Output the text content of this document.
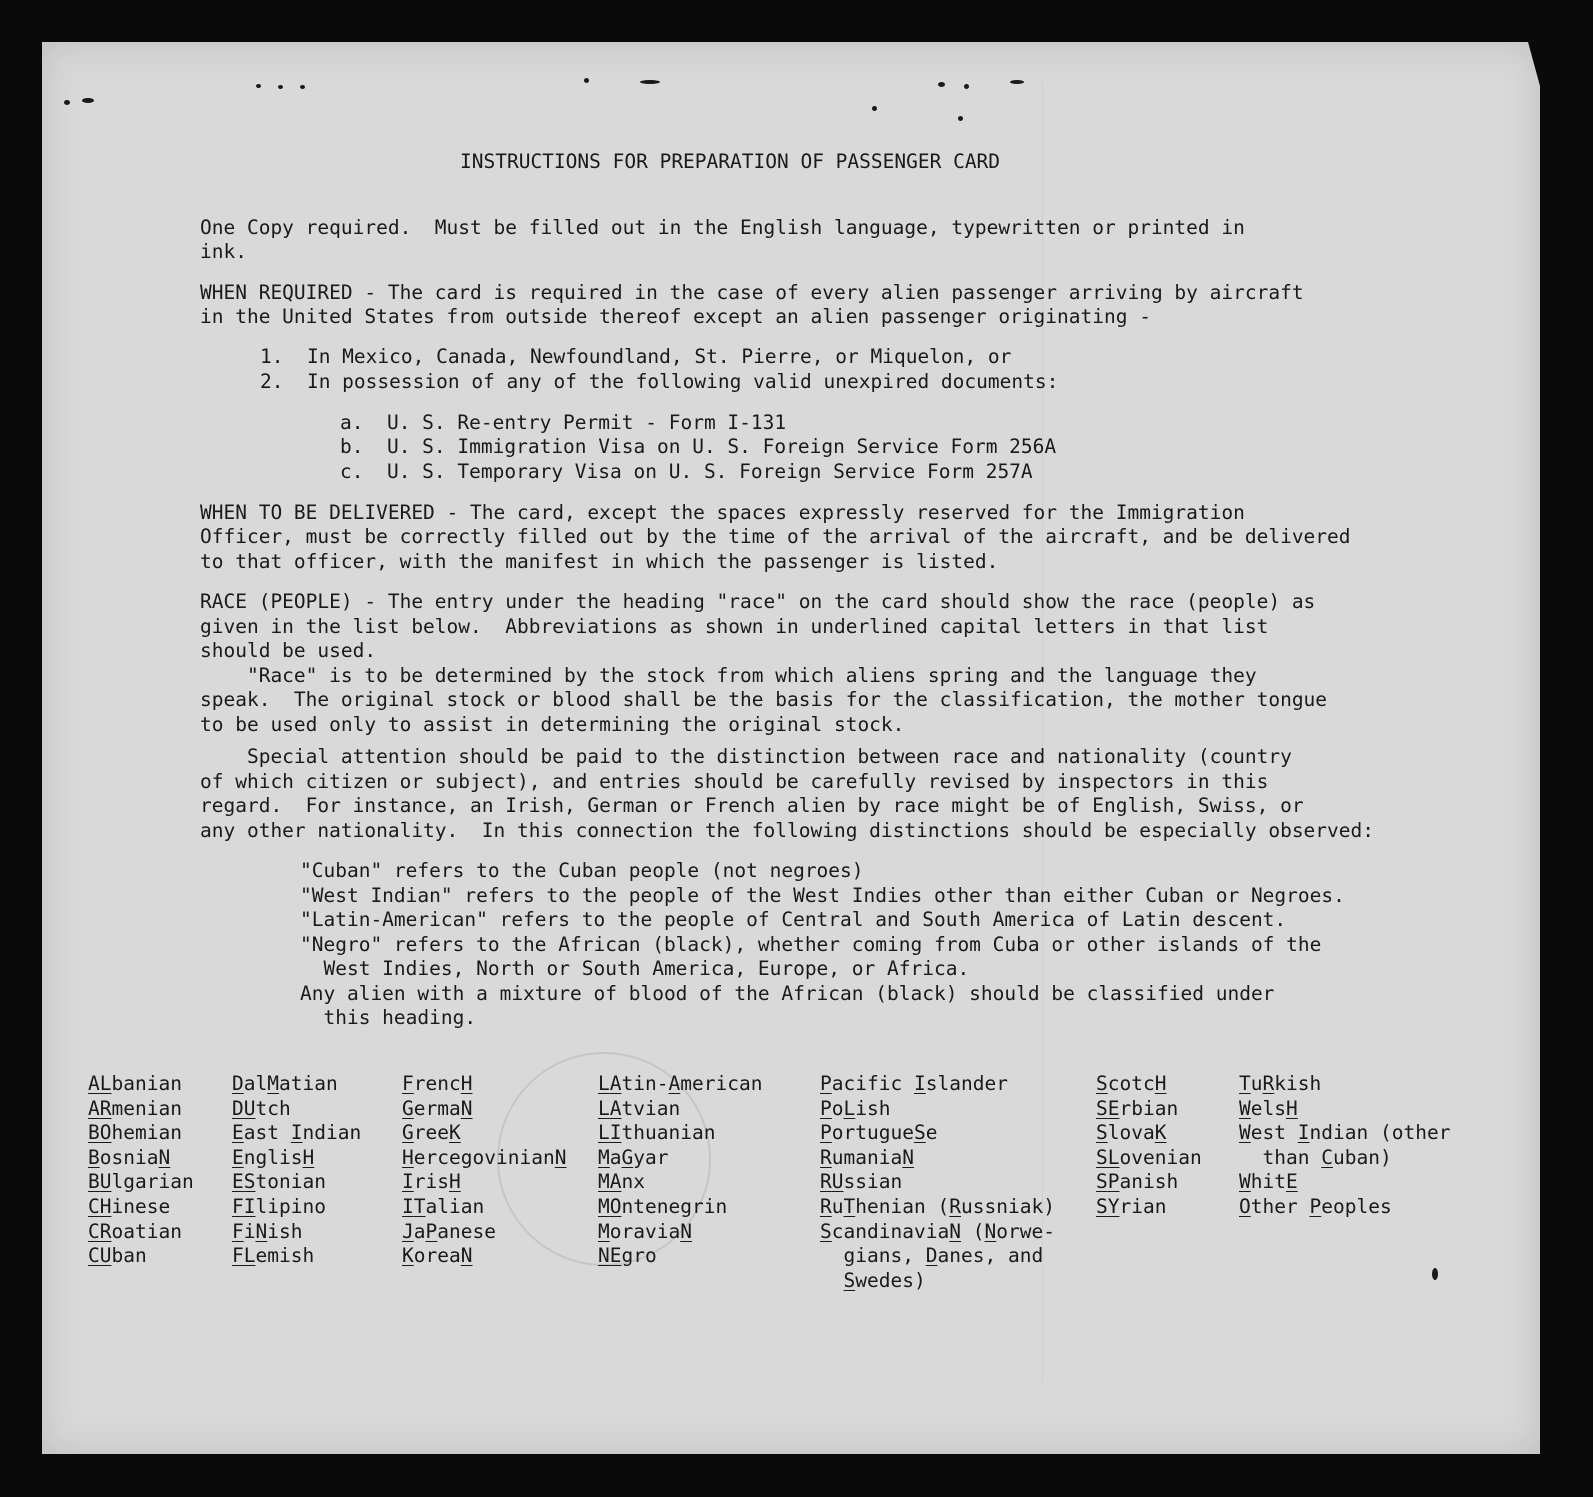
INSTRUCTIONS FOR PREPARATION OF PASSENGER CARD

One Copy required.  Must be filled out in the English language, typewritten or printed in

ink.

WHEN REQUIRED - The card is required in the case of every alien passenger arriving by aircraft

in the United States from outside thereof except an alien passenger originating -

1.  In Mexico, Canada, Newfoundland, St. Pierre, or Miquelon, or

2.  In possession of any of the following valid unexpired documents:

a.  U. S. Re-entry Permit - Form I-131

b.  U. S. Immigration Visa on U. S. Foreign Service Form 256A

c.  U. S. Temporary Visa on U. S. Foreign Service Form 257A

WHEN TO BE DELIVERED - The card, except the spaces expressly reserved for the Immigration

Officer, must be correctly filled out by the time of the arrival of the aircraft, and be delivered

to that officer, with the manifest in which the passenger is listed.

RACE (PEOPLE) - The entry under the heading "race" on the card should show the race (people) as

given in the list below.  Abbreviations as shown in underlined capital letters in that list

should be used.

"Race" is to be determined by the stock from which aliens spring and the language they

speak.  The original stock or blood shall be the basis for the classification, the mother tongue

to be used only to assist in determining the original stock.

Special attention should be paid to the distinction between race and nationality (country

of which citizen or subject), and entries should be carefully revised by inspectors in this

regard.  For instance, an Irish, German or French alien by race might be of English, Swiss, or

any other nationality.  In this connection the following distinctions should be especially observed:

"Cuban" refers to the Cuban people (not negroes)

"West Indian" refers to the people of the West Indies other than either Cuban or Negroes.

"Latin-American" refers to the people of Central and South America of Latin descent.

"Negro" refers to the African (black), whether coming from Cuba or other islands of the

West Indies, North or South America, Europe, or Africa.

Any alien with a mixture of blood of the African (black) should be classified under

this heading.

ALbanian
ARmenian
BOhemian
BosniaN
BUlgarian
CHinese
CRoatian
CUban
DalMatian
DUtch
East Indian
EnglisH
EStonian
FIlipino
FiNish
FLemish
FrencH
GermaN
GreeK
HercegovinianN
IrisH
ITalian
JaPanese
KoreaN
LAtin-American
LAtvian
LIthuanian
MaGyar
MAnx
MOntenegrin
MoraviaN
NEgro
Pacific Islander
PoLish
PortugueSe
RumaniaN
RUssian
RuThenian (Russniak)
ScandinaviaN (Norwe-
gians, Danes, and
Swedes)
ScotcH
SErbian
SlovaK
SLovenian
SPanish
SYrian
TuRkish
WelsH
West Indian (other
than Cuban)
WhitE
Other Peoples
